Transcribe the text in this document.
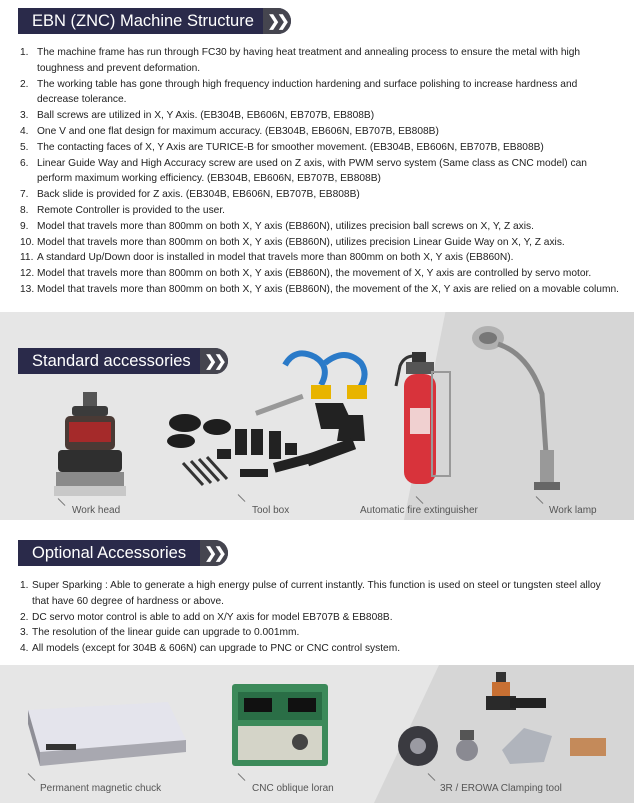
EBN (ZNC) Machine Structure ❯❯
1. The machine frame has run through FC30 by having heat treatment and annealing process to ensure the metal with high toughness and prevent deformation.
2. The working table has gone through high frequency induction hardening and surface polishing to increase hardness and decrease tolerance.
3. Ball screws are utilized in X, Y Axis. (EB304B, EB606N, EB707B, EB808B)
4. One V and one flat design for maximum accuracy. (EB304B, EB606N, EB707B, EB808B)
5. The contacting faces of X, Y Axis are TURICE-B for smoother movement. (EB304B, EB606N, EB707B, EB808B)
6. Linear Guide Way and High Accuracy screw are used on Z axis, with PWM servo system (Same class as CNC model) can perform maximum working efficiency. (EB304B, EB606N, EB707B, EB808B)
7. Back slide is provided for Z axis. (EB304B, EB606N, EB707B, EB808B)
8. Remote Controller is provided to the user.
9. Model that travels more than 800mm on both X, Y axis (EB860N), utilizes precision ball screws on X, Y, Z axis.
10. Model that travels more than 800mm on both X, Y axis (EB860N), utilizes precision Linear Guide Way on X, Y, Z axis.
11. A standard Up/Down door is installed in model that travels more than 800mm on both X, Y axis (EB860N).
12. Model that travels more than 800mm on both X, Y axis (EB860N), the movement of X, Y axis are controlled by servo motor.
13. Model that travels more than 800mm on both X, Y axis (EB860N), the movement of the X, Y axis are relied on a movable column.
Standard accessories ❯❯
Work head	Tool box	Automatic fire extinguisher	Work lamp
Optional Accessories ❯❯
1. Super Sparking : Able to generate a high energy pulse of current instantly. This function is used on steel or tungsten steel alloy that have 60 degree of hardness or above.
2. DC servo motor control is able to add on X/Y axis for model EB707B & EB808B.
3. The resolution of the linear guide can upgrade to 0.001mm.
4. All models (except for 304B & 606N) can upgrade to PNC or CNC control system.
Permanent magnetic chuck	CNC oblique loran	3R / EROWA Clamping tool
